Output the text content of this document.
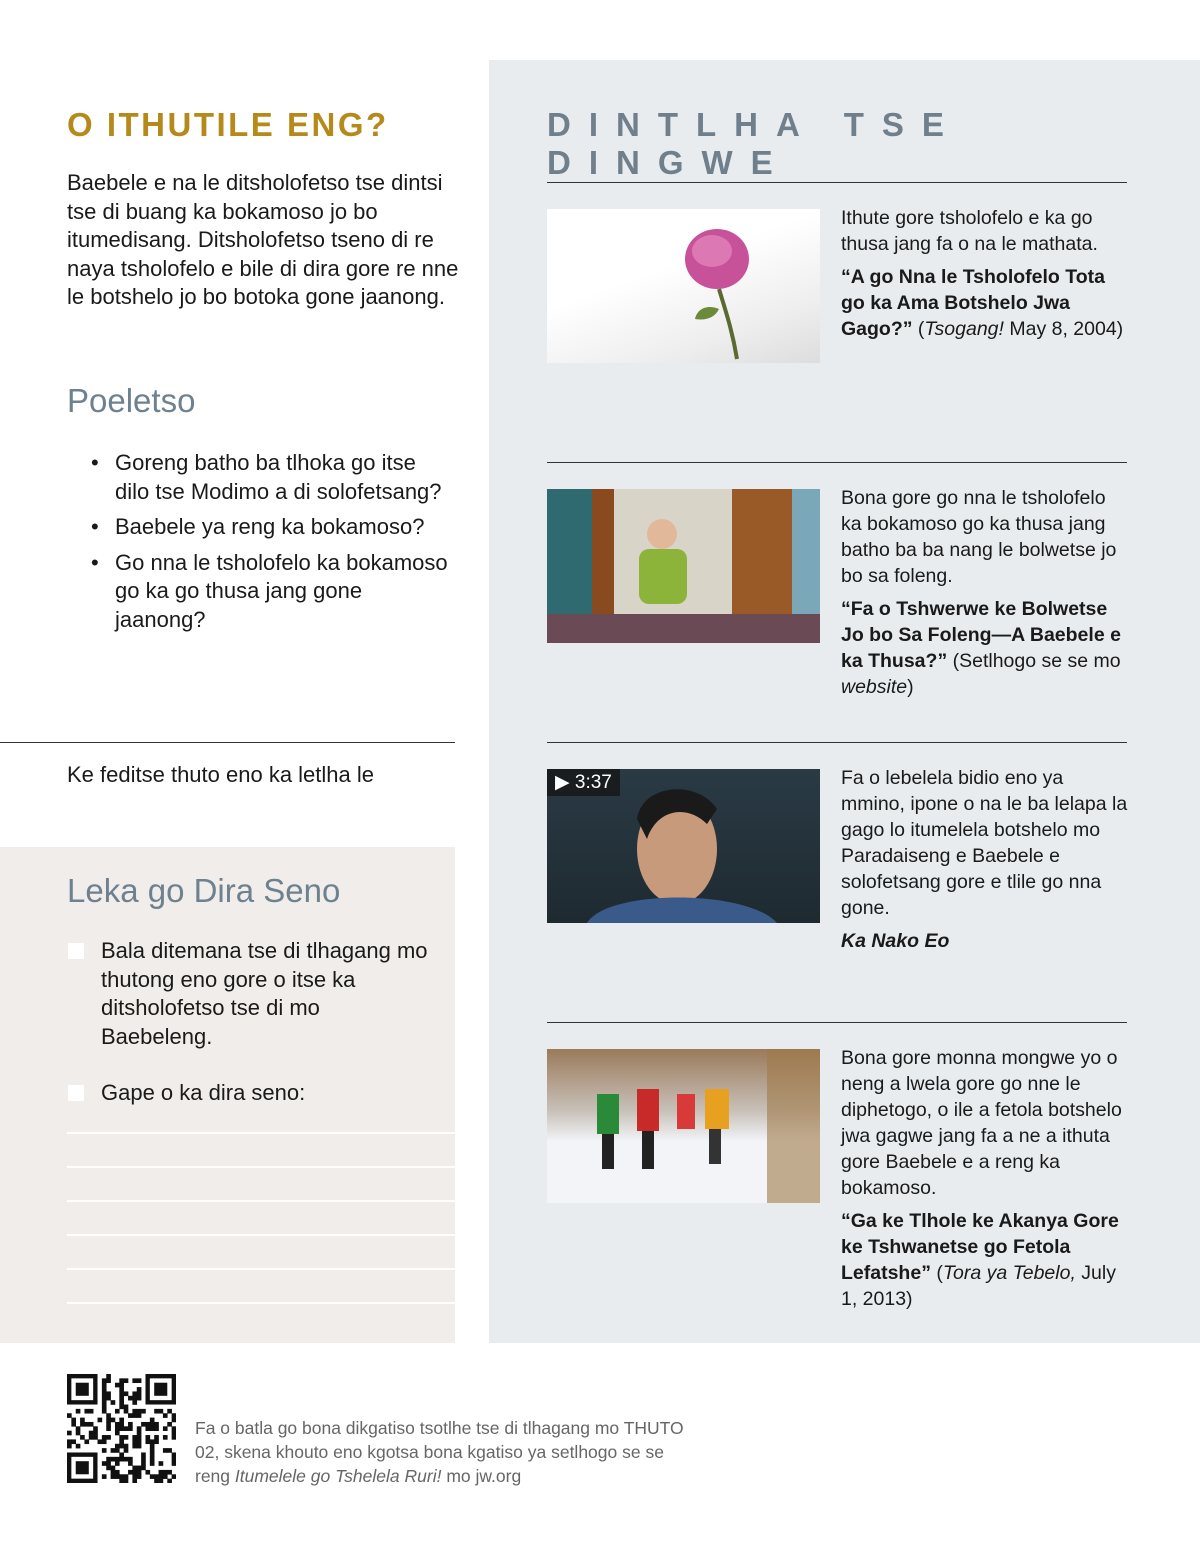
O ITHUTILE ENG?
Baebele e na le ditsholofetso tse dintsi tse di buang ka bokamoso jo bo itumedisang. Ditsholofetso tseno di re naya tsholofelo e bile di dira gore re nne le botshelo jo bo botoka gone jaanong.
Poeletso
• Goreng batho ba tlhoka go itse dilo tse Modimo a di solofetsang?
• Baebele ya reng ka bokamoso?
• Go nna le tsholofelo ka bokamoso go ka go thusa jang gone jaanong?
Ke feditse thuto eno ka letlha le
Leka go Dira Seno
Bala ditemana tse di tlhagang mo thutong eno gore o itse ka ditsholofetso tse di mo Baebeleng.
Gape o ka dira seno:
DINTLHA TSE DINGWE
Ithute gore tsholofelo e ka go thusa jang fa o na le mathata.
“A go Nna le Tsholofelo Tota go ka Ama Botshelo Jwa Gago?” (Tsogang! May 8, 2004)
Bona gore go nna le tsholofelo ka bokamoso go ka thusa jang batho ba ba nang le bolwetse jo bo sa foleng.
“Fa o Tshwerwe ke Bolwetse Jo bo Sa Foleng—A Baebele e ka Thusa?” (Setlhogo se se mo website)
▶ 3:37	Fa o lebelela bidio eno ya mmino, ipone o na le ba lelapa la gago lo itumelela botshelo mo Paradaiseng e Baebele e solofetsang gore e tlile go nna gone.
Ka Nako Eo
Bona gore monna mongwe yo o neng a lwela gore go nne le diphetogo, o ile a fetola botshelo jwa gagwe jang fa a ne a ithuta gore Baebele e a reng ka bokamoso.
“Ga ke Tlhole ke Akanya Gore ke Tshwanetse go Fetola Lefatshe” (Tora ya Tebelo, July 1, 2013)
Fa o batla go bona dikgatiso tsotlhe tse di tlhagang mo THUTO 02, skena khouto eno kgotsa bona kgatiso ya setlhogo se se reng Itumelele go Tshelela Ruri! mo jw.org
